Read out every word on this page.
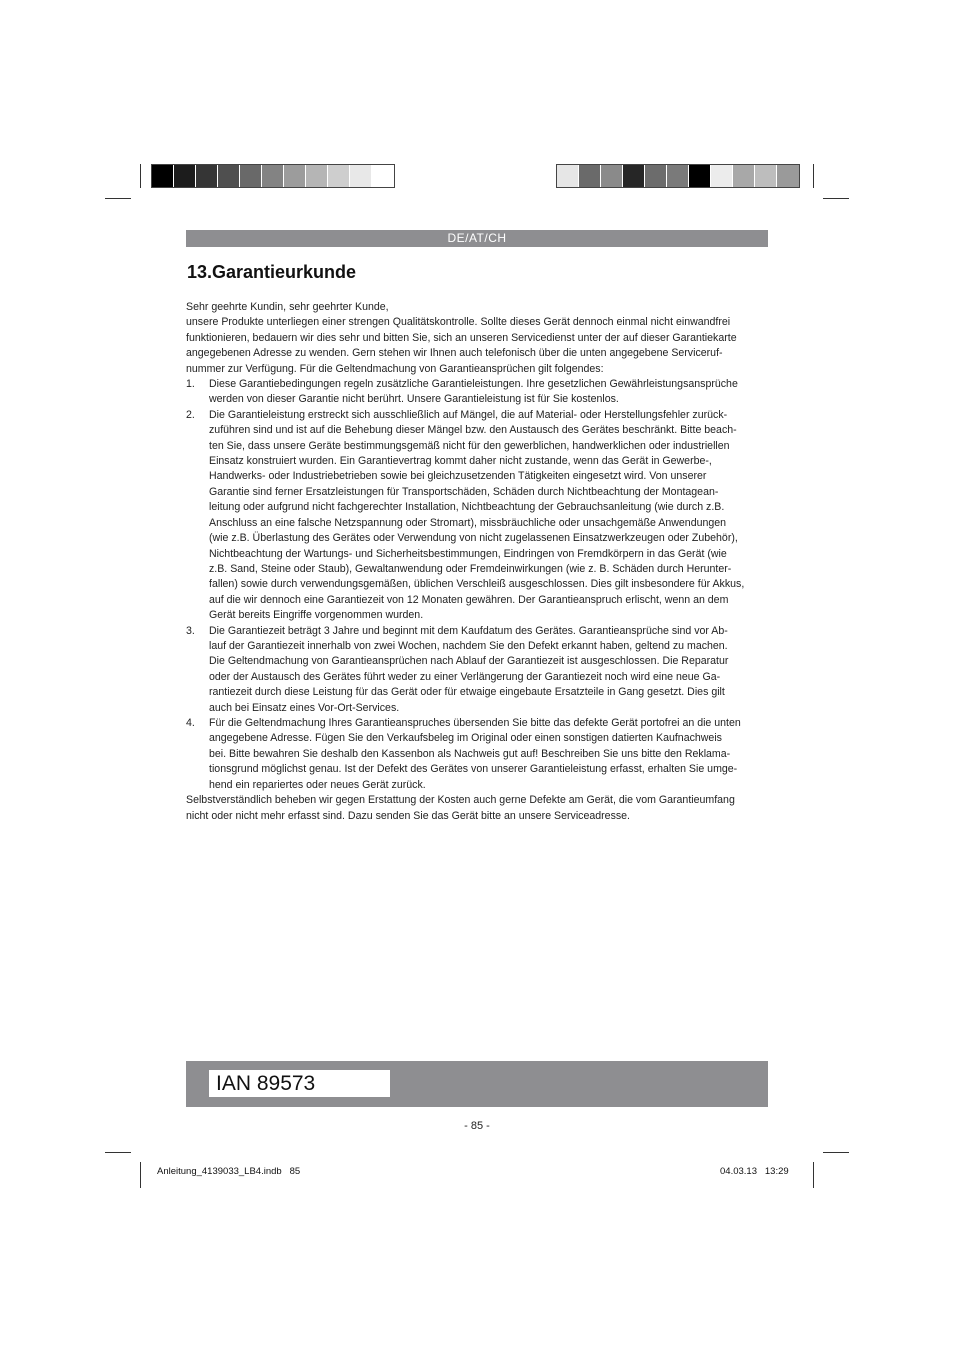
DE/AT/CH
13.Garantieurkunde

Sehr geehrte Kundin, sehr geehrter Kunde,

unsere Produkte unterliegen einer strengen Qualitätskontrolle. Sollte dieses Gerät dennoch einmal nicht einwandfrei
funktionieren, bedauern wir dies sehr und bitten Sie, sich an unseren Servicedienst unter der auf dieser Garantiekarte
angegebenen Adresse zu wenden. Gern stehen wir Ihnen auch telefonisch über die unten angegebene Serviceruf-
nummer zur Verfügung. Für die Geltendmachung von Garantieansprüchen gilt folgendes:
1. Diese Garantiebedingungen regeln zusätzliche Garantieleistungen. Ihre gesetzlichen Gewährleistungsansprüche
werden von dieser Garantie nicht berührt. Unsere Garantieleistung ist für Sie kostenlos.
2. Die Garantieleistung erstreckt sich ausschließlich auf Mängel, die auf Material- oder Herstellungsfehler zurück-
zuführen sind und ist auf die Behebung dieser Mängel bzw. den Austausch des Gerätes beschränkt. Bitte beach-
ten Sie, dass unsere Geräte bestimmungsgemäß nicht für den gewerblichen, handwerklichen oder industriellen
Einsatz konstruiert wurden. Ein Garantievertrag kommt daher nicht zustande, wenn das Gerät in Gewerbe-,
Handwerks- oder Industriebetrieben sowie bei gleichzusetzenden Tätigkeiten eingesetzt wird. Von unserer
Garantie sind ferner Ersatzleistungen für Transportschäden, Schäden durch Nichtbeachtung der Montagean-
leitung oder aufgrund nicht fachgerechter Installation, Nichtbeachtung der Gebrauchsanleitung (wie durch z.B.
Anschluss an eine falsche Netzspannung oder Stromart), missbräuchliche oder unsachgemäße Anwendungen
(wie z.B. Überlastung des Gerätes oder Verwendung von nicht zugelassenen Einsatzwerkzeugen oder Zubehör),
Nichtbeachtung der Wartungs- und Sicherheitsbestimmungen, Eindringen von Fremdkörpern in das Gerät (wie
z.B. Sand, Steine oder Staub), Gewaltanwendung oder Fremdeinwirkungen (wie z. B. Schäden durch Herunter-
fallen) sowie durch verwendungsgemäßen, üblichen Verschleiß ausgeschlossen. Dies gilt insbesondere für Akkus,
auf die wir dennoch eine Garantiezeit von 12 Monaten gewähren. Der Garantieanspruch erlischt, wenn an dem
Gerät bereits Eingriffe vorgenommen wurden.
3. Die Garantiezeit beträgt 3 Jahre und beginnt mit dem Kaufdatum des Gerätes. Garantieansprüche sind vor Ab-
lauf der Garantiezeit innerhalb von zwei Wochen, nachdem Sie den Defekt erkannt haben, geltend zu machen.
Die Geltendmachung von Garantieansprüchen nach Ablauf der Garantiezeit ist ausgeschlossen. Die Reparatur
oder der Austausch des Gerätes führt weder zu einer Verlängerung der Garantiezeit noch wird eine neue Ga-
rantiezeit durch diese Leistung für das Gerät oder für etwaige eingebaute Ersatzteile in Gang gesetzt. Dies gilt
auch bei Einsatz eines Vor-Ort-Services.
4. Für die Geltendmachung Ihres Garantieanspruches übersenden Sie bitte das defekte Gerät portofrei an die unten
angegebene Adresse. Fügen Sie den Verkaufsbeleg im Original oder einen sonstigen datierten Kaufnachweis
bei. Bitte bewahren Sie deshalb den Kassenbon als Nachweis gut auf! Beschreiben Sie uns bitte den Reklama-
tionsgrund möglichst genau. Ist der Defekt des Gerätes von unserer Garantieleistung erfasst, erhalten Sie umge-
hend ein repariertes oder neues Gerät zurück.
Selbstverständlich beheben wir gegen Erstattung der Kosten auch gerne Defekte am Gerät, die vom Garantieumfang
nicht oder nicht mehr erfasst sind. Dazu senden Sie das Gerät bitte an unsere Serviceadresse.
IAN 89573
- 85 -
Anleitung_4139033_LB4.indb   85	04.03.13   13:29
